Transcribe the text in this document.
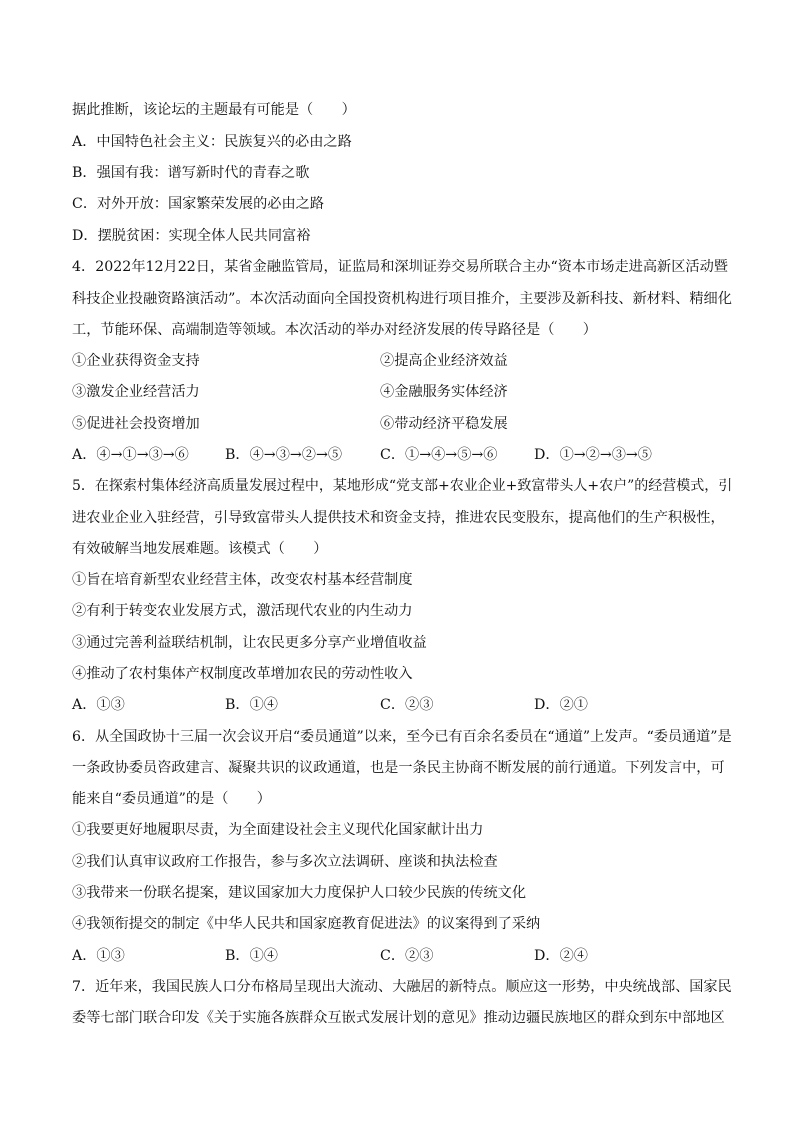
据此推断，该论坛的主题最有可能是（　　）
A．中国特色社会主义：民族复兴的必由之路
B．强国有我：谱写新时代的青春之歌
C．对外开放：国家繁荣发展的必由之路
D．摆脱贫困：实现全体人民共同富裕
4．2022年12月22日，某省金融监管局，证监局和深圳证券交易所联合主办“资本市场走进高新区活动暨
科技企业投融资路演活动”。本次活动面向全国投资机构进行项目推介，主要涉及新科技、新材料、精细化
工，节能环保、高端制造等领域。本次活动的举办对经济发展的传导路径是（　　）
①企业获得资金支持	②提高企业经济效益
③激发企业经营活力	④金融服务实体经济
⑤促进社会投资增加	⑥带动经济平稳发展
A．④→①→③→⑥	B．④→③→②→⑤	C．①→④→⑤→⑥	D．①→②→③→⑤
5．在探索村集体经济高质量发展过程中，某地形成“党支部+农业企业+致富带头人+农户”的经营模式，引
进农业企业入驻经营，引导致富带头人提供技术和资金支持，推进农民变股东，提高他们的生产积极性，
有效破解当地发展难题。该模式（　　）
①旨在培育新型农业经营主体，改变农村基本经营制度
②有利于转变农业发展方式，激活现代农业的内生动力
③通过完善利益联结机制，让农民更多分享产业增值收益
④推动了农村集体产权制度改革增加农民的劳动性收入
A．①③	B．①④	C．②③	D．②①
6．从全国政协十三届一次会议开启“委员通道”以来，至今已有百余名委员在“通道”上发声。“委员通道”是
一条政协委员咨政建言、凝聚共识的议政通道，也是一条民主协商不断发展的前行通道。下列发言中，可
能来自“委员通道”的是（　　）
①我要更好地履职尽责，为全面建设社会主义现代化国家献计出力
②我们认真审议政府工作报告，参与多次立法调研、座谈和执法检查
③我带来一份联名提案，建议国家加大力度保护人口较少民族的传统文化
④我领衔提交的制定《中华人民共和国家庭教育促进法》的议案得到了采纳
A．①③	B．①④	C．②③	D．②④
7．近年来，我国民族人口分布格局呈现出大流动、大融居的新特点。顺应这一形势，中央统战部、国家民
委等七部门联合印发《关于实施各族群众互嵌式发展计划的意见》推动边疆民族地区的群众到东中部地区
